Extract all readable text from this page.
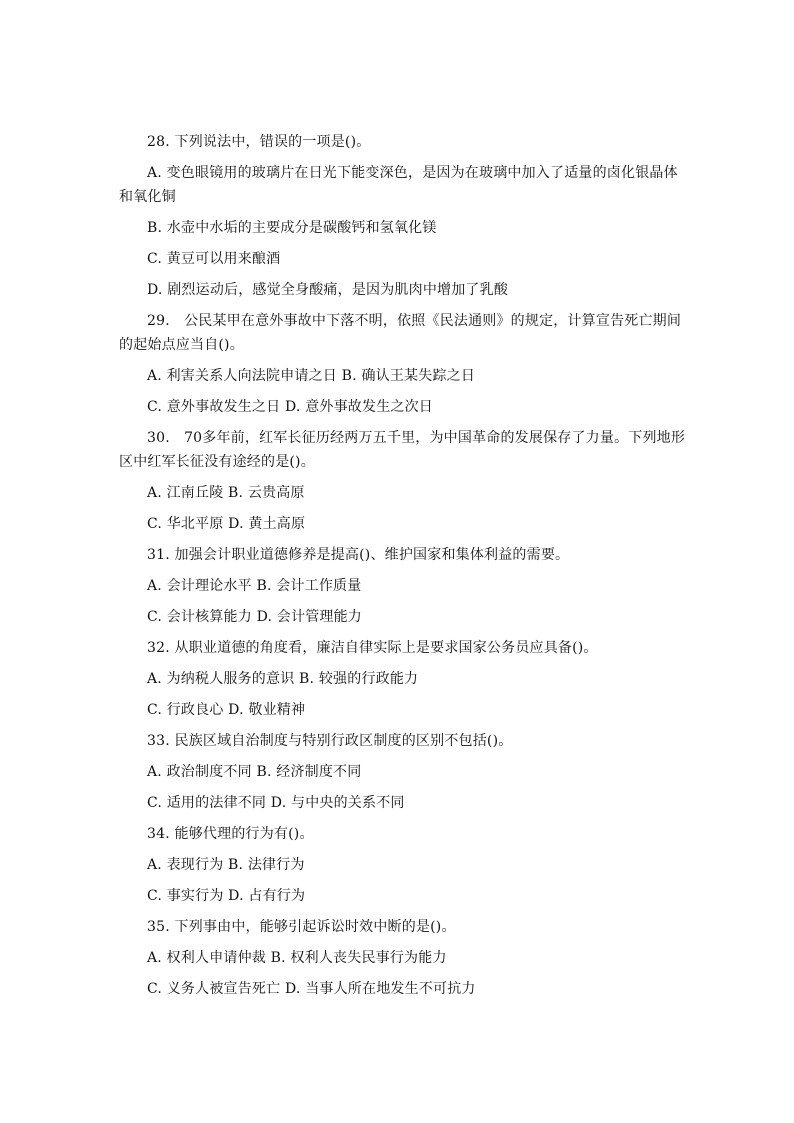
28. 下列说法中，错误的一项是()。
A. 变色眼镜用的玻璃片在日光下能变深色，是因为在玻璃中加入了适量的卤化银晶体
和氧化铜
B. 水壶中水垢的主要成分是碳酸钙和氢氧化镁
C. 黄豆可以用来酿酒
D. 剧烈运动后，感觉全身酸痛，是因为肌肉中增加了乳酸
29.　公民某甲在意外事故中下落不明，依照《民法通则》的规定，计算宣告死亡期间
的起始点应当自()。
A. 利害关系人向法院申请之日 B. 确认王某失踪之日
C. 意外事故发生之日 D. 意外事故发生之次日
30.　70多年前，红军长征历经两万五千里，为中国革命的发展保存了力量。下列地形
区中红军长征没有途经的是()。
A. 江南丘陵 B. 云贵高原
C. 华北平原 D. 黄土高原
31. 加强会计职业道德修养是提高()、维护国家和集体利益的需要。
A. 会计理论水平 B. 会计工作质量
C. 会计核算能力 D. 会计管理能力
32. 从职业道德的角度看，廉洁自律实际上是要求国家公务员应具备()。
A. 为纳税人服务的意识 B. 较强的行政能力
C. 行政良心 D. 敬业精神
33. 民族区域自治制度与特别行政区制度的区别不包括()。
A. 政治制度不同 B. 经济制度不同
C. 适用的法律不同 D. 与中央的关系不同
34. 能够代理的行为有()。
A. 表现行为 B. 法律行为
C. 事实行为 D. 占有行为
35. 下列事由中，能够引起诉讼时效中断的是()。
A. 权利人申请仲裁 B. 权利人丧失民事行为能力
C. 义务人被宣告死亡 D. 当事人所在地发生不可抗力
